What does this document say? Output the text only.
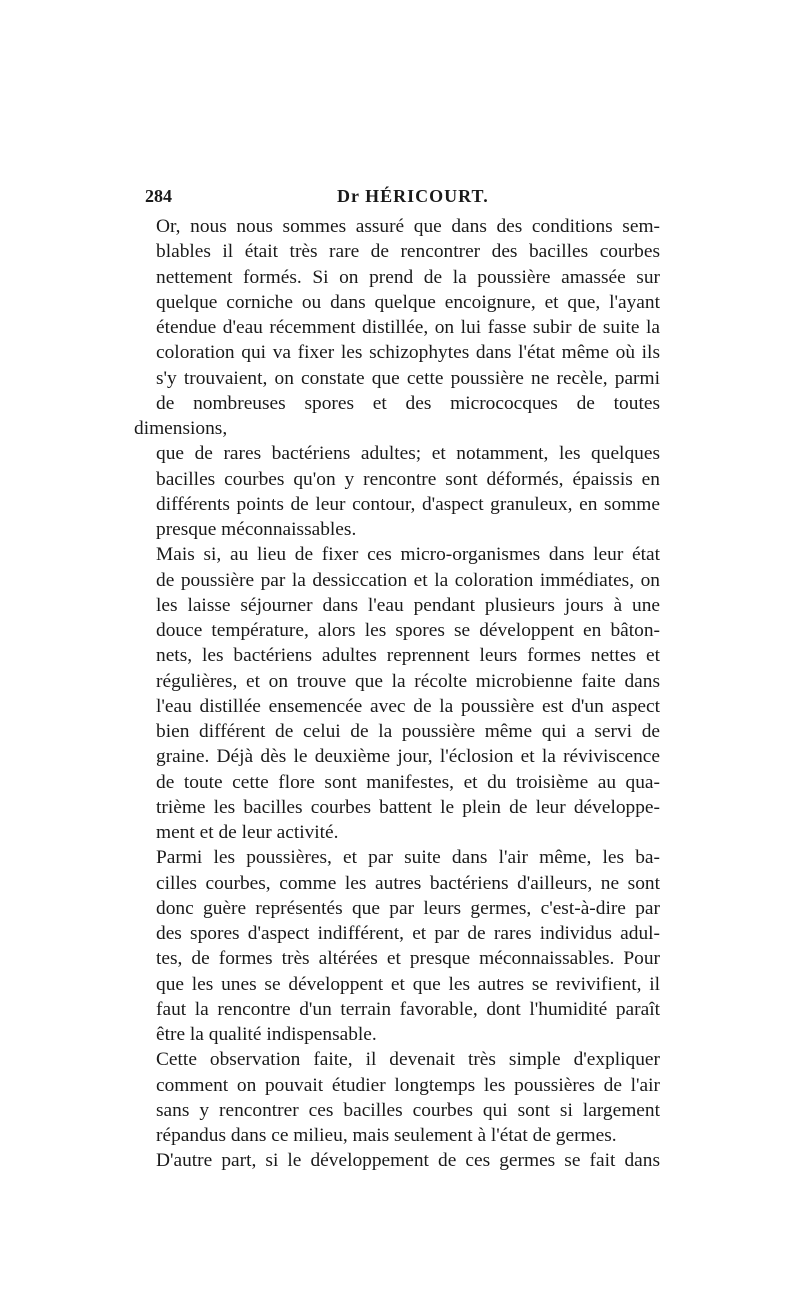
284	Dr HÉRICOURT.

Or, nous nous sommes assuré que dans des conditions sem-
blables il était très rare de rencontrer des bacilles courbes
nettement formés. Si on prend de la poussière amassée sur
quelque corniche ou dans quelque encoignure, et que, l'ayant
étendue d'eau récemment distillée, on lui fasse subir de suite la
coloration qui va fixer les schizophytes dans l'état même où ils
s'y trouvaient, on constate que cette poussière ne recèle, parmi
de nombreuses spores et des micrococques de toutes dimensions,
que de rares bactériens adultes; et notamment, les quelques
bacilles courbes qu'on y rencontre sont déformés, épaissis en
différents points de leur contour, d'aspect granuleux, en somme
presque méconnaissables.

Mais si, au lieu de fixer ces micro-organismes dans leur état
de poussière par la dessiccation et la coloration immédiates, on
les laisse séjourner dans l'eau pendant plusieurs jours à une
douce température, alors les spores se développent en bâton-
nets, les bactériens adultes reprennent leurs formes nettes et
régulières, et on trouve que la récolte microbienne faite dans
l'eau distillée ensemencée avec de la poussière est d'un aspect
bien différent de celui de la poussière même qui a servi de
graine. Déjà dès le deuxième jour, l'éclosion et la réviviscence
de toute cette flore sont manifestes, et du troisième au qua-
trième les bacilles courbes battent le plein de leur développe-
ment et de leur activité.

Parmi les poussières, et par suite dans l'air même, les ba-
cilles courbes, comme les autres bactériens d'ailleurs, ne sont
donc guère représentés que par leurs germes, c'est-à-dire par
des spores d'aspect indifférent, et par de rares individus adul-
tes, de formes très altérées et presque méconnaissables. Pour
que les unes se développent et que les autres se revivifient, il
faut la rencontre d'un terrain favorable, dont l'humidité paraît
être la qualité indispensable.

Cette observation faite, il devenait très simple d'expliquer
comment on pouvait étudier longtemps les poussières de l'air
sans y rencontrer ces bacilles courbes qui sont si largement
répandus dans ce milieu, mais seulement à l'état de germes.

D'autre part, si le développement de ces germes se fait dans
